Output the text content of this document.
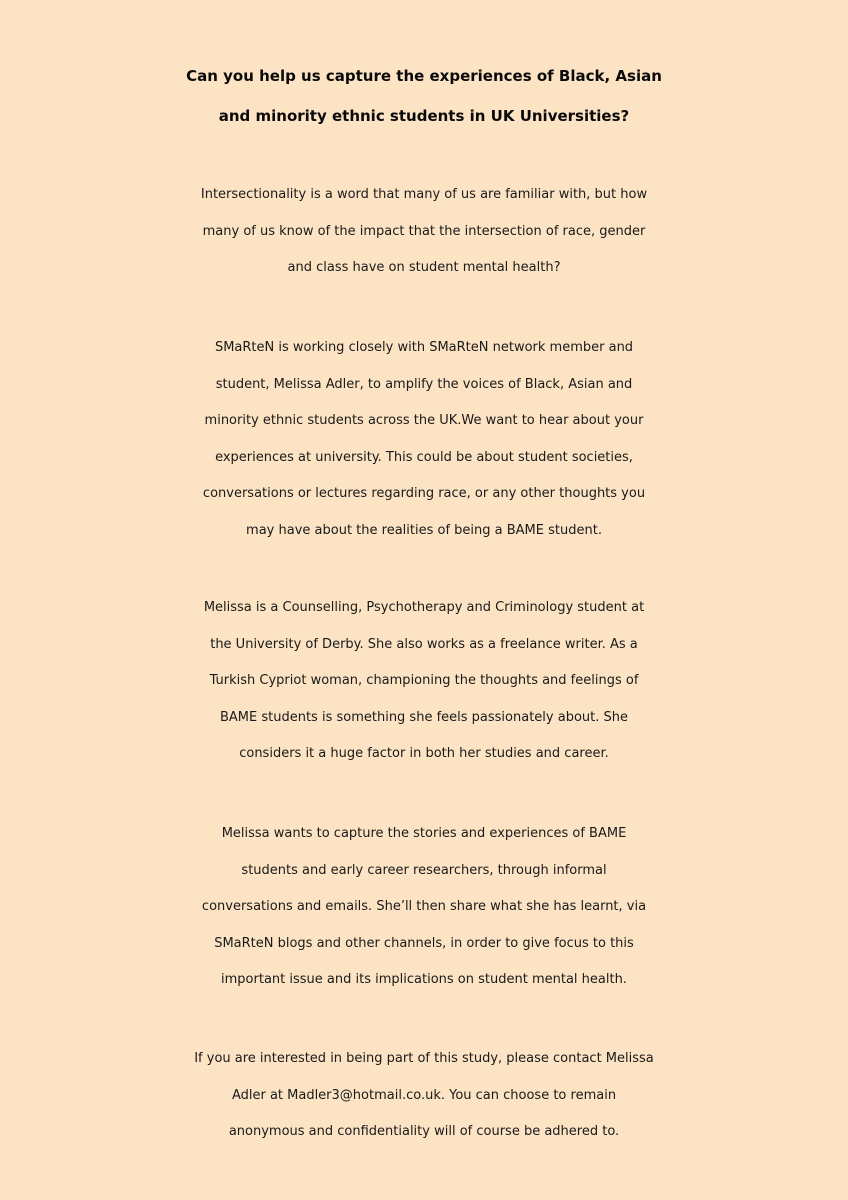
Can you help us capture the experiences of Black, Asian
and minority ethnic students in UK Universities?

Intersectionality is a word that many of us are familiar with, but how
many of us know of the impact that the intersection of race, gender
and class have on student mental health?

SMaRteN is working closely with SMaRteN network member and
student, Melissa Adler, to amplify the voices of Black, Asian and
minority ethnic students across the UK.We want to hear about your
experiences at university. This could be about student societies,
conversations or lectures regarding race, or any other thoughts you
may have about the realities of being a BAME student.

Melissa is a Counselling, Psychotherapy and Criminology student at
the University of Derby. She also works as a freelance writer. As a
Turkish Cypriot woman, championing the thoughts and feelings of
BAME students is something she feels passionately about. She
considers it a huge factor in both her studies and career.

Melissa wants to capture the stories and experiences of BAME
students and early career researchers, through informal
conversations and emails. She’ll then share what she has learnt, via
SMaRteN blogs and other channels, in order to give focus to this
important issue and its implications on student mental health.

If you are interested in being part of this study, please contact Melissa
Adler at Madler3@hotmail.co.uk. You can choose to remain
anonymous and confidentiality will of course be adhered to.
